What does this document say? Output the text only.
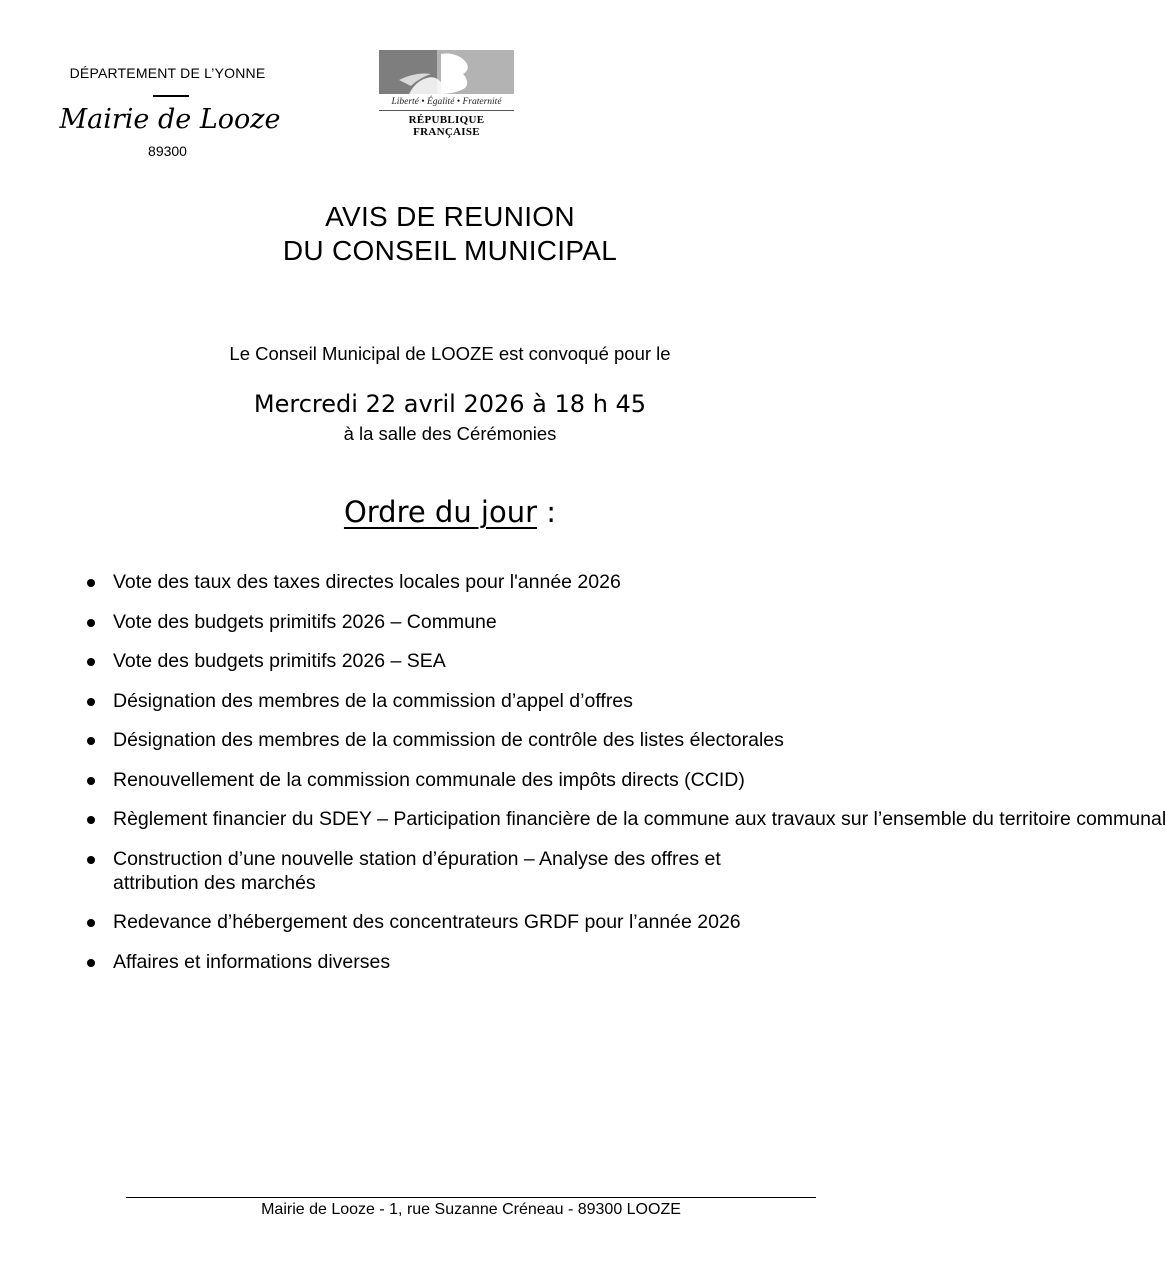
DÉPARTEMENT DE L’YONNE
Mairie de Looze
89300
Liberté • Égalité • Fraternité
RÉPUBLIQUE FRANÇAISE
AVIS DE REUNION
DU CONSEIL MUNICIPAL
Le Conseil Municipal de LOOZE est convoqué pour le
Mercredi 22 avril 2026 à 18 h 45
à la salle des Cérémonies
Ordre du jour :
Vote des taux des taxes directes locales pour l'année 2026
Vote des budgets primitifs 2026 – Commune
Vote des budgets primitifs 2026 – SEA
Désignation des membres de la commission d’appel d’offres
Désignation des membres de la commission de contrôle des listes électorales
Renouvellement de la commission communale des impôts directs (CCID)
Règlement financier du SDEY – Participation financière de la commune aux travaux sur l’ensemble du territoire communal
Construction d’une nouvelle station d’épuration – Analyse des offres et
attribution des marchés
Redevance d’hébergement des concentrateurs GRDF pour l’année 2026
Affaires et informations diverses
Mairie de Looze - 1, rue Suzanne Créneau - 89300 LOOZE
